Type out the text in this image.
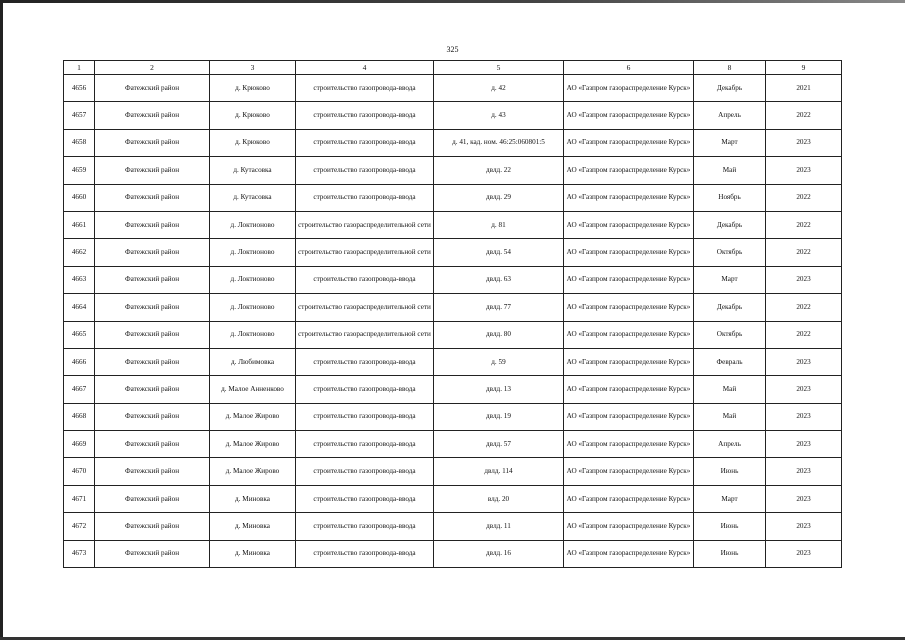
325
1	2	3	4	5	6	8	9
4656	Фатежский район	д. Крюково	строительство газопровода-ввода	д. 42	АО «Газпром газораспределение Курск»	Декабрь	2021
4657	Фатежский район	д. Крюково	строительство газопровода-ввода	д. 43	АО «Газпром газораспределение Курск»	Апрель	2022
4658	Фатежский район	д. Крюково	строительство газопровода-ввода	д. 41, кад. ном. 46:25:060801:5	АО «Газпром газораспределение Курск»	Март	2023
4659	Фатежский район	д. Кутасовка	строительство газопровода-ввода	двлд. 22	АО «Газпром газораспределение Курск»	Май	2023
4660	Фатежский район	д. Кутасовка	строительство газопровода-ввода	двлд. 29	АО «Газпром газораспределение Курск»	Ноябрь	2022
4661	Фатежский район	д. Локтионово	строительство газораспределительной сети	д. 81	АО «Газпром газораспределение Курск»	Декабрь	2022
4662	Фатежский район	д. Локтионово	строительство газораспределительной сети	двлд. 54	АО «Газпром газораспределение Курск»	Октябрь	2022
4663	Фатежский район	д. Локтионово	строительство газопровода-ввода	двлд. 63	АО «Газпром газораспределение Курск»	Март	2023
4664	Фатежский район	д. Локтионово	строительство газораспределительной сети	двлд. 77	АО «Газпром газораспределение Курск»	Декабрь	2022
4665	Фатежский район	д. Локтионово	строительство газораспределительной сети	двлд. 80	АО «Газпром газораспределение Курск»	Октябрь	2022
4666	Фатежский район	д. Любимовка	строительство газопровода-ввода	д. 59	АО «Газпром газораспределение Курск»	Февраль	2023
4667	Фатежский район	д. Малое Анненково	строительство газопровода-ввода	двлд. 13	АО «Газпром газораспределение Курск»	Май	2023
4668	Фатежский район	д. Малое Жирово	строительство газопровода-ввода	двлд. 19	АО «Газпром газораспределение Курск»	Май	2023
4669	Фатежский район	д. Малое Жирово	строительство газопровода-ввода	двлд. 57	АО «Газпром газораспределение Курск»	Апрель	2023
4670	Фатежский район	д. Малое Жирово	строительство газопровода-ввода	двлд. 114	АО «Газпром газораспределение Курск»	Июнь	2023
4671	Фатежский район	д. Миновка	строительство газопровода-ввода	влд. 20	АО «Газпром газораспределение Курск»	Март	2023
4672	Фатежский район	д. Миновка	строительство газопровода-ввода	двлд. 11	АО «Газпром газораспределение Курск»	Июнь	2023
4673	Фатежский район	д. Миновка	строительство газопровода-ввода	двлд. 16	АО «Газпром газораспределение Курск»	Июнь	2023
